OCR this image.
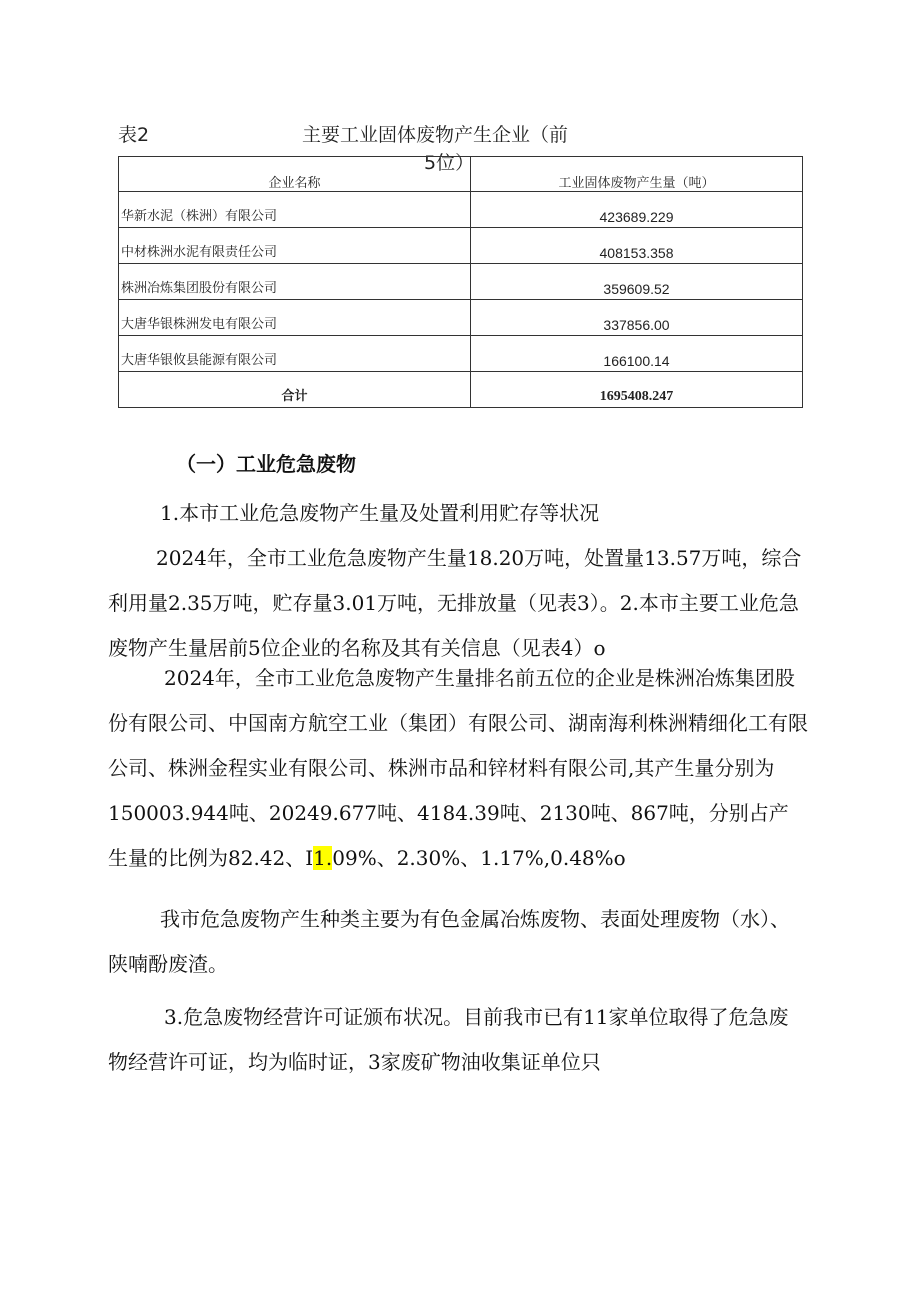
表2	主要工业固体废物产生企业（前
5位）
企业名称	工业固体废物产生量（吨）
华新水泥（株洲）有限公司	423689.229
中材株洲水泥有限责任公司	408153.358
株洲冶炼集团股份有限公司	359609.52
大唐华银株洲发电有限公司	337856.00
大唐华银攸县能源有限公司	166100.14
合计	1695408.247
（一）工业危急废物

1.本市工业危急废物产生量及处置利用贮存等状况

2024年，全市工业危急废物产生量18.20万吨，处置量13.57万吨，综合利用量2.35万吨，贮存量3.01万吨，无排放量（见表3）。2.本市主要工业危急废物产生量居前5位企业的名称及其有关信息（见表4）o

2024年，全市工业危急废物产生量排名前五位的企业是株洲冶炼集团股份有限公司、中国南方航空工业（集团）有限公司、湖南海利株洲精细化工有限公司、株洲金程实业有限公司、株洲市品和锌材料有限公司,其产生量分别为150003.944吨、20249.677吨、4184.39吨、2130吨、867吨，分别占产生量的比例为82.42、I1.09%、2.30%、1.17%,0.48%o

我市危急废物产生种类主要为有色金属冶炼废物、表面处理废物（水）、陕喃酚废渣。

3.危急废物经营许可证颁布状况。目前我市已有11家单位取得了危急废物经营许可证，均为临时证，3家废矿物油收集证单位只
